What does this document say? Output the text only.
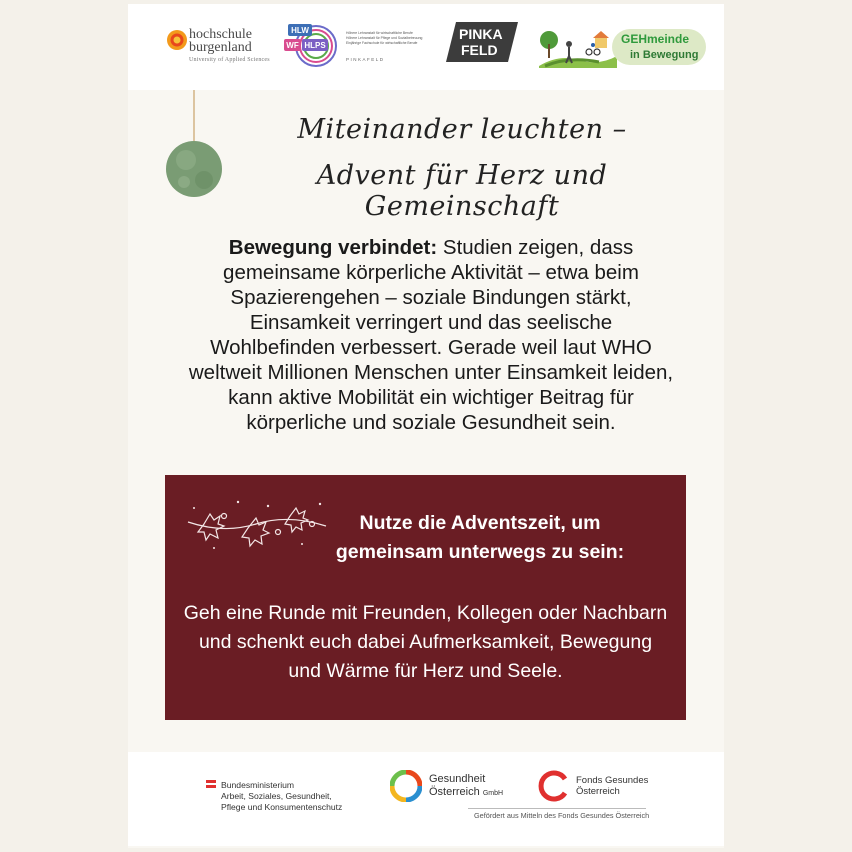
hochschule
burgenland
University of Applied Sciences
HLW
WF HLPS
Höhere Lehranstalt für wirtschaftliche Berufe
Höhere Lehranstalt für Pflege und Sozialbetreuung
Einjährige Fachschule für wirtschaftliche Berufe
PINKAFELD
PINKA
FELD
GEHmeinde
in Bewegung
Miteinander leuchten –
Advent für Herz und Gemeinschaft
Bewegung verbindet: Studien zeigen, dass gemeinsame körperliche Aktivität – etwa beim Spazierengehen – soziale Bindungen stärkt, Einsamkeit verringert und das seelische Wohlbefinden verbessert. Gerade weil laut WHO weltweit Millionen Menschen unter Einsamkeit leiden, kann aktive Mobilität ein wichtiger Beitrag für körperliche und soziale Gesundheit sein.
Nutze die Adventszeit, um
gemeinsam unterwegs zu sein:
Geh eine Runde mit Freunden, Kollegen oder Nachbarn
und schenkt euch dabei Aufmerksamkeit, Bewegung
und Wärme für Herz und Seele.
Bundesministerium
Arbeit, Soziales, Gesundheit,
Pflege und Konsumentenschutz
Gesundheit
Österreich GmbH
Fonds Gesundes
Österreich
Gefördert aus Mitteln des Fonds Gesundes Österreich
